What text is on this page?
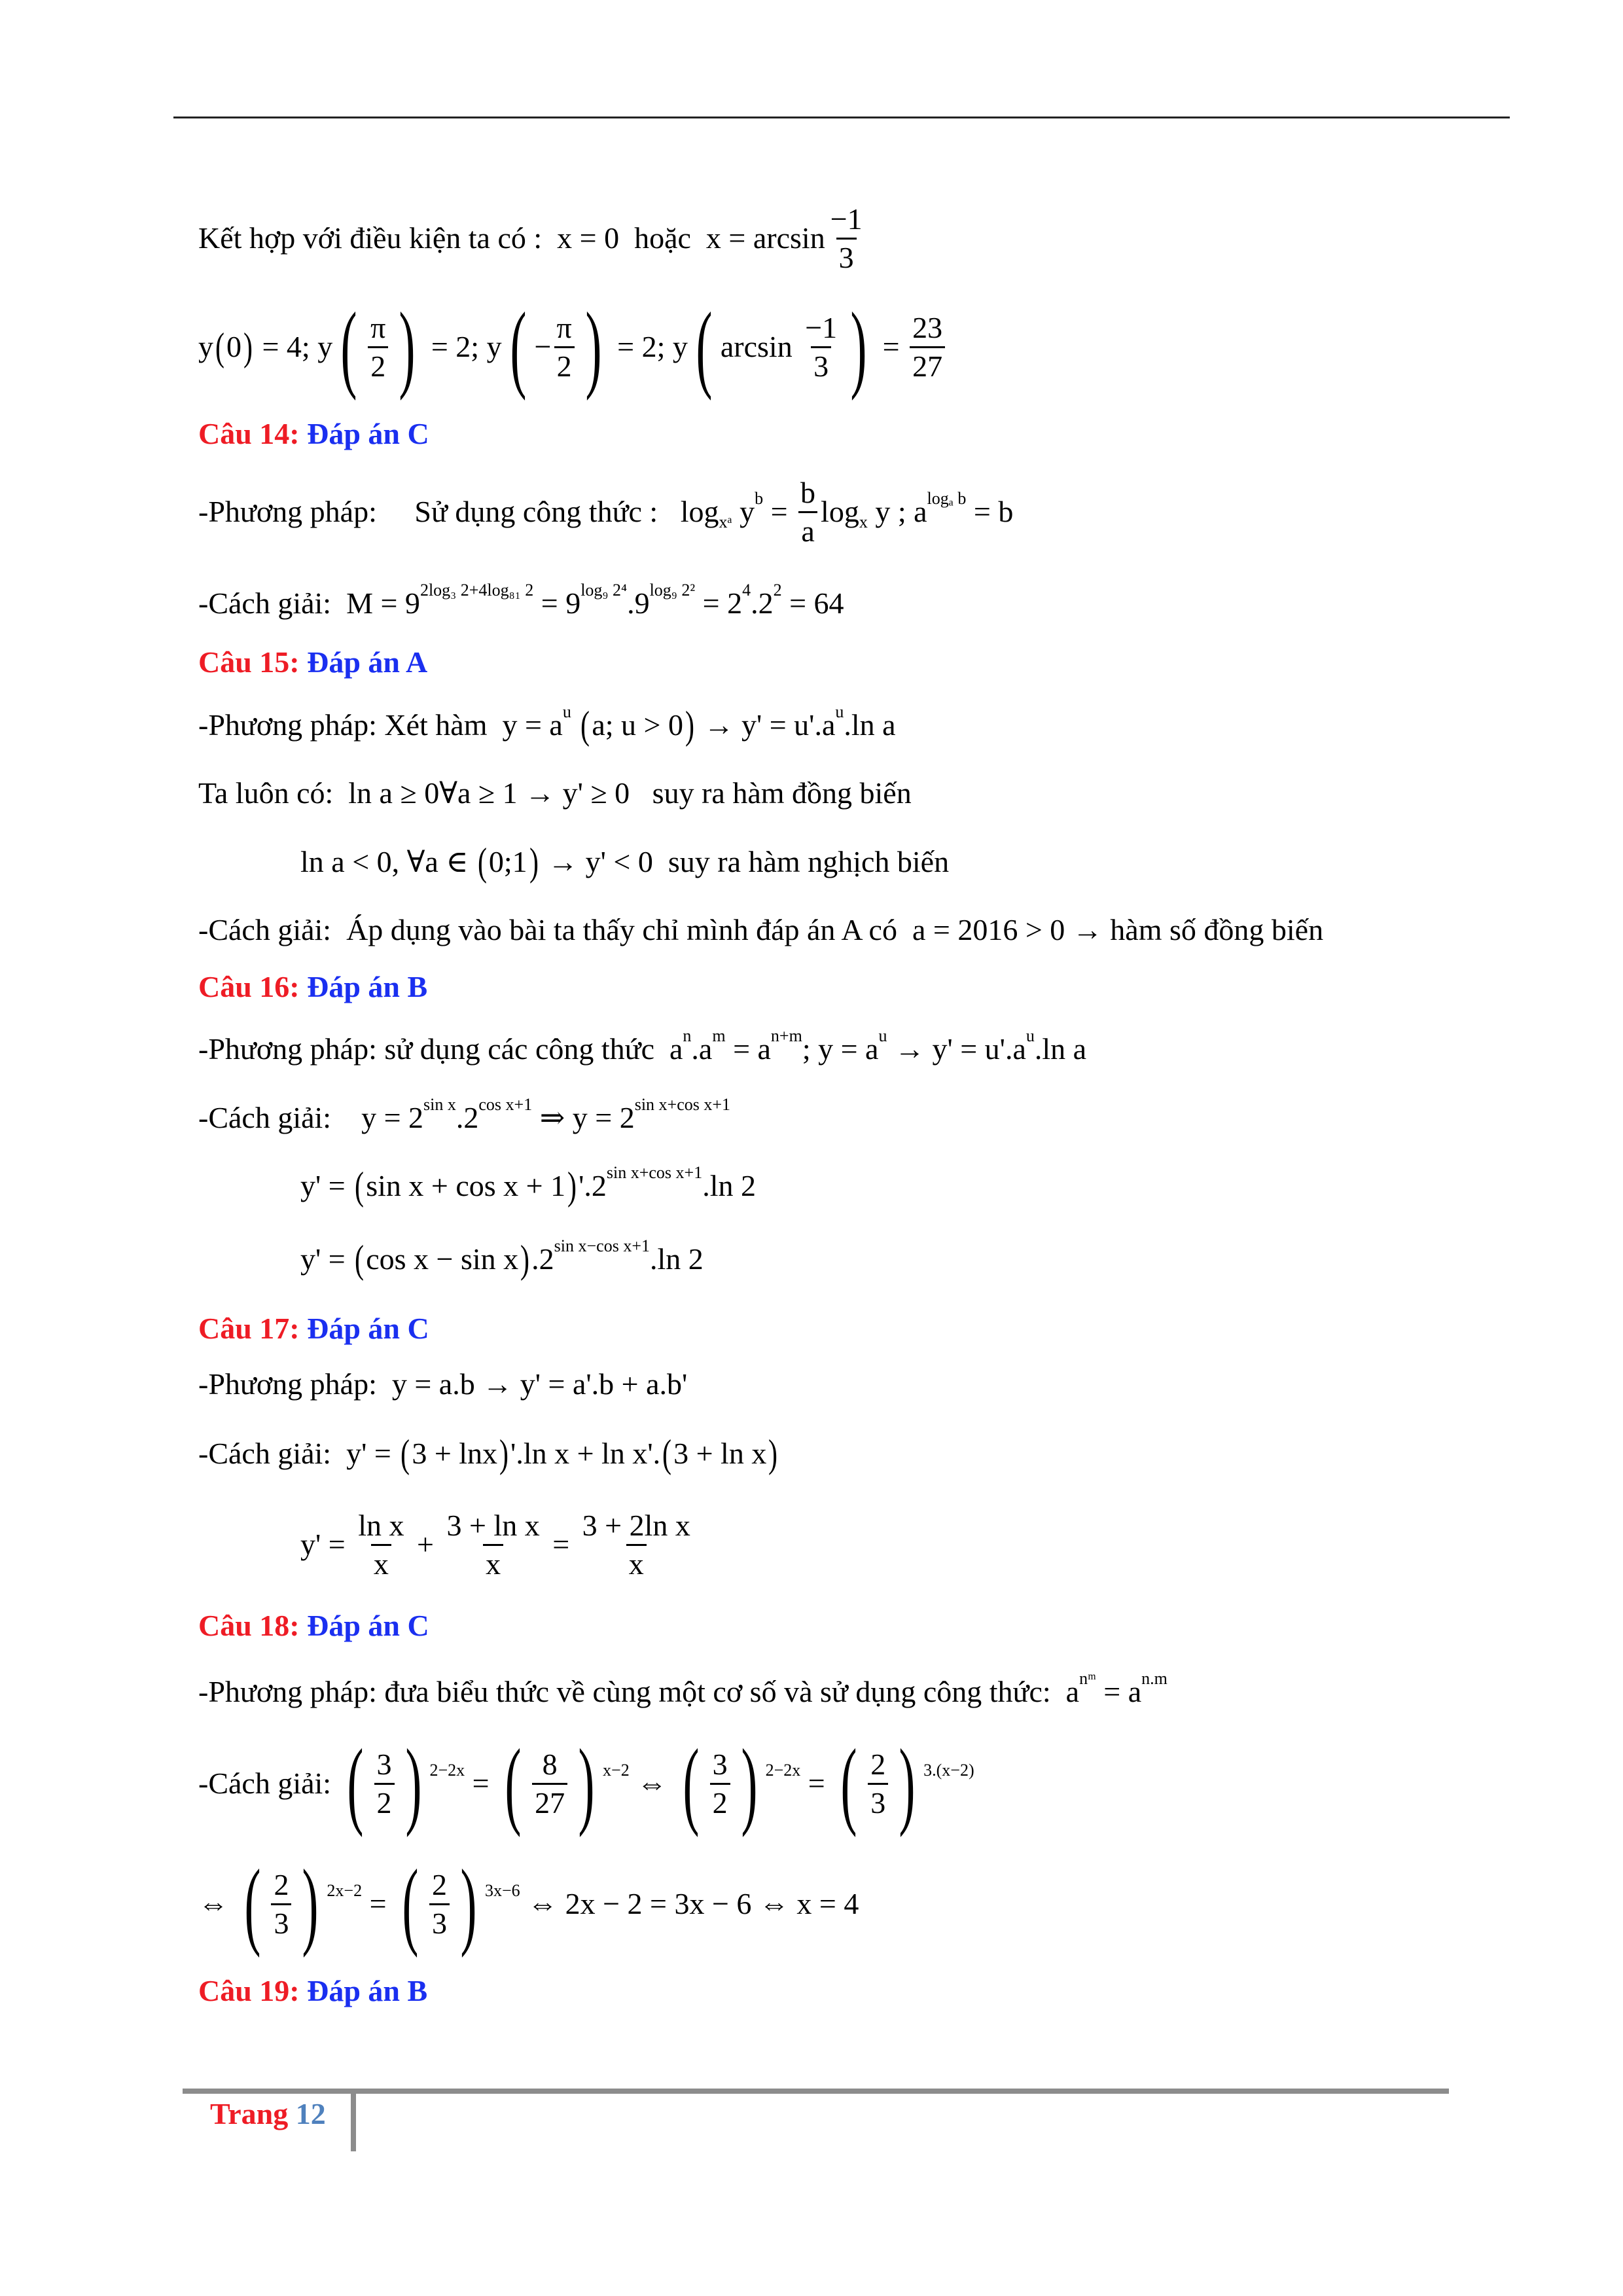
Kết hợp với điều kiện ta có :  x = 0  hoặc  $x = \arcsin \frac{-1}{3}$
y ( 0 ) = 4; y ( $\frac{\pi}{2}$ ) = 2; y ( − $\frac{\pi}{2}$ ) = 2; y ( $\arcsin \frac{-1}{3}$ ) = $\frac{23}{27}$
Câu 14: Đáp án C
-Phương pháp:     Sử dụng công thức :   log xᵃ y $b = \frac{b}{a}$ log x y ; a logₐ b = b
-Cách giải:  M = 9 2log₃ 2+4log₈₁ 2 = 9 log₉ 2⁴ .9 log₉ 2² = 2 4 .2 2 = 64
Câu 15: Đáp án A
-Phương pháp: Xét hàm  y = a u
( a; u > 0 ) → y' = u'.a u .ln a
Ta luôn có:  ln a ≥ 0∀a ≥ 1 → y' ≥ 0   suy ra hàm đồng biến
ln a < 0, ∀a ∈ ( 0;1 ) → y' < 0  suy ra hàm nghịch biến
-Cách giải:  Áp dụng vào bài ta thấy chỉ mình đáp án A có  a = 2016 > 0 → hàm số đồng biến
Câu 16: Đáp án B
-Phương pháp: sử dụng các công thức  a n .a m = a n+m ; y = a u → y' = u'.a u .ln a
-Cách giải:    y = 2 sin x .2 cos x+1 ⇒ y = 2 sin x+cos x+1
y' = ( sin x + cos x + 1 ) '.2 sin x+cos x+1 .ln 2
y' = ( cos x − sin x ) .2 sin x−cos x+1 .ln 2
Câu 17: Đáp án C
-Phương pháp:  y = a.b → y' = a'.b + a.b'
-Cách giải:  y' = ( 3 + lnx ) '.ln x + ln x'. ( 3 + ln x )
$y' = \frac{\text{ln x}}{x} + \frac{\text{3 + ln x}}{x} = \frac{\text{3 + 2ln x}}{x}$
Câu 18: Đáp án C
-Phương pháp: đưa biểu thức về cùng một cơ số và sử dụng công thức:  a nᵐ = a n.m
-Cách giải: ( $\frac{3}{2}$ ) 2−2x = ( $\frac{8}{27}$ ) x−2 ⇔ ( $\frac{3}{2}$ ) 2−2x = ( $\frac{2}{3}$ ) 3.(x−2)
⇔ ( $\frac{2}{3}$ ) 2x−2 = ( $\frac{2}{3}$ ) 3x−6 ⇔ 2x − 2 = 3x − 6 ⇔ x = 4
Câu 19: Đáp án B
Trang 12
